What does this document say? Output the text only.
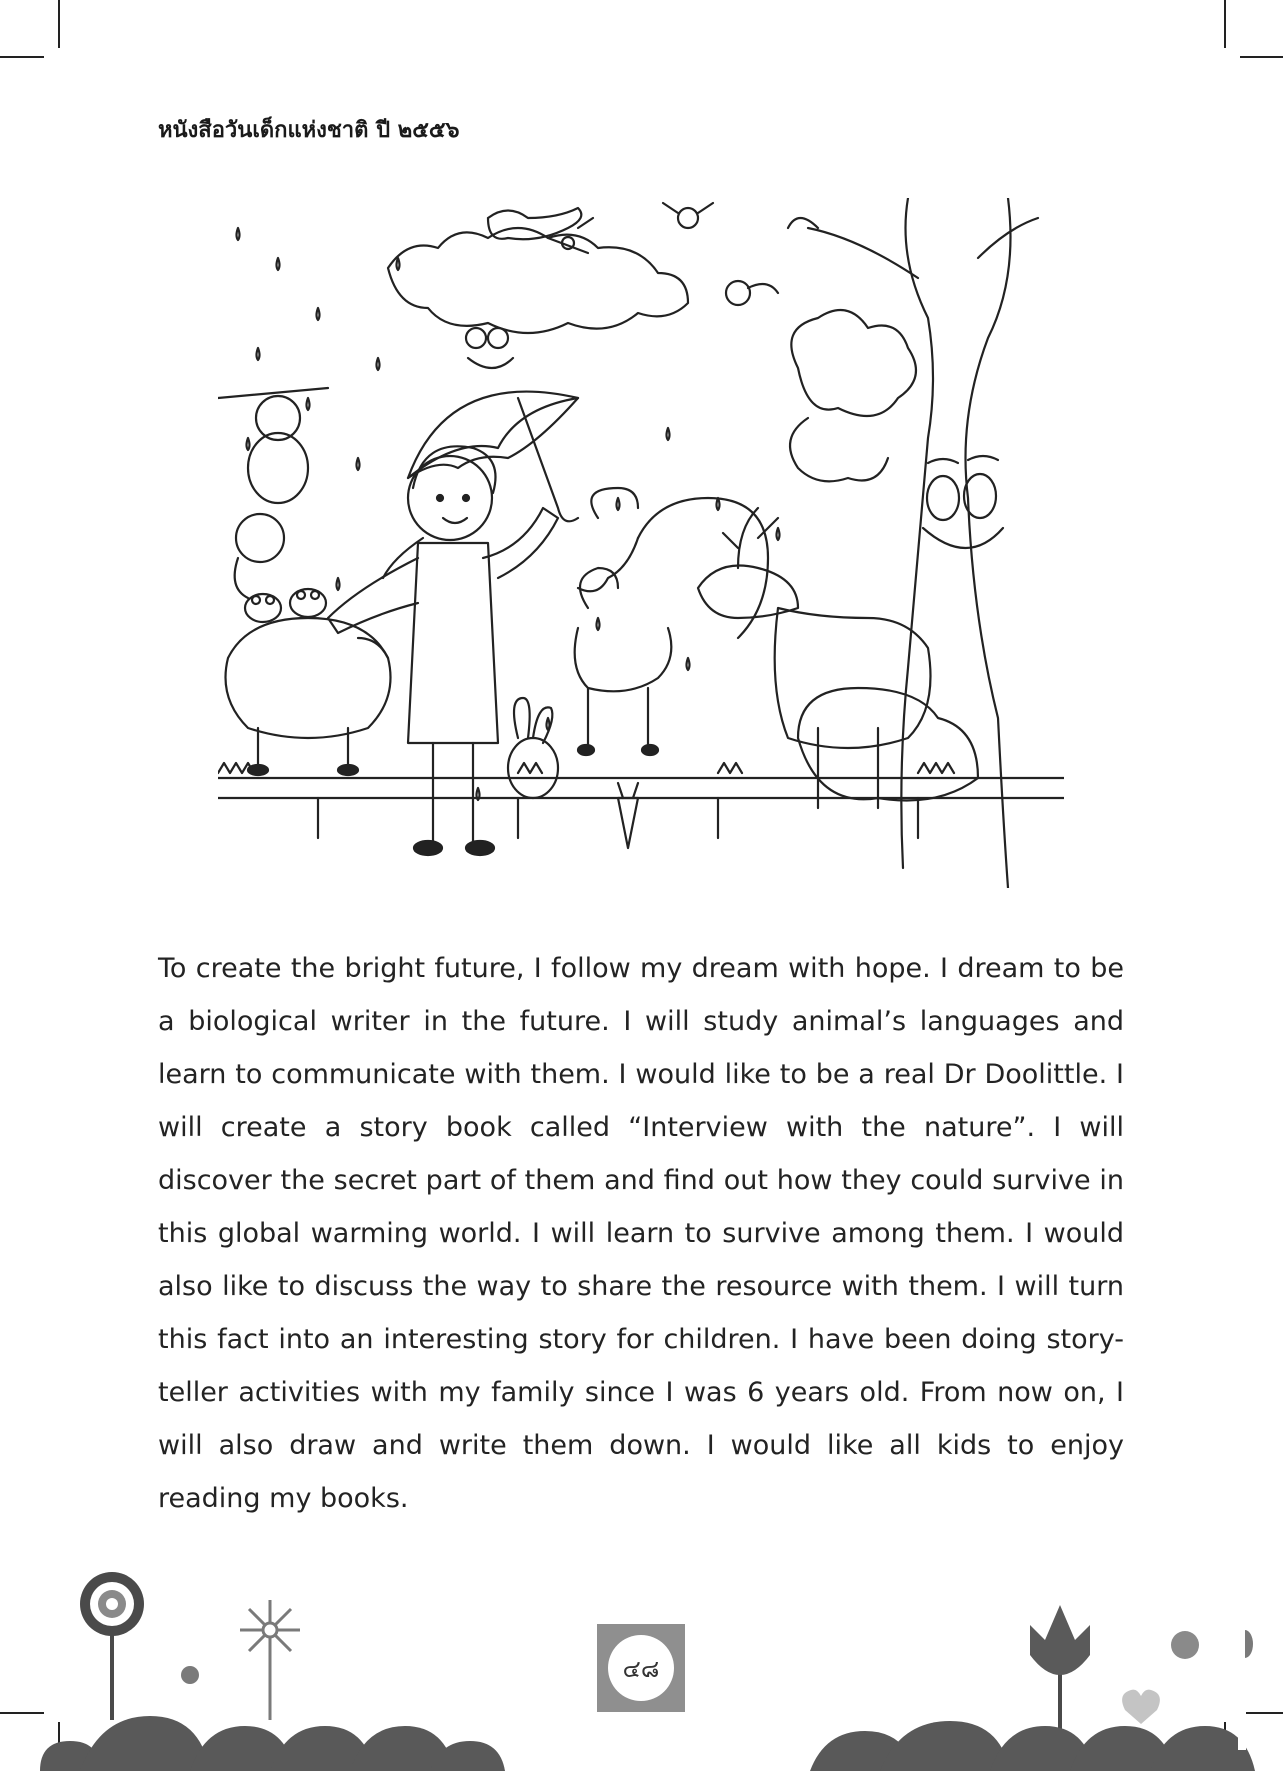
หนังสือวันเด็กแห่งชาติ ปี ๒๕๕๖

To create the bright future, I follow my dream with hope. I dream to be a biological writer in the future. I will study animal’s languages and learn to communicate with them. I would like to be a real Dr Doolittle. I will create a story book called “Interview with the nature”. I will discover the secret part of them and find out how they could survive in this global warming world. I will learn to survive among them. I would also like to discuss the way to share the resource with them. I will turn this fact into an interesting story for children. I have been doing story-teller activities with my family since I was 6 years old. From now on, I will also draw and write them down. I would like all kids to enjoy reading my books.

๔๘
